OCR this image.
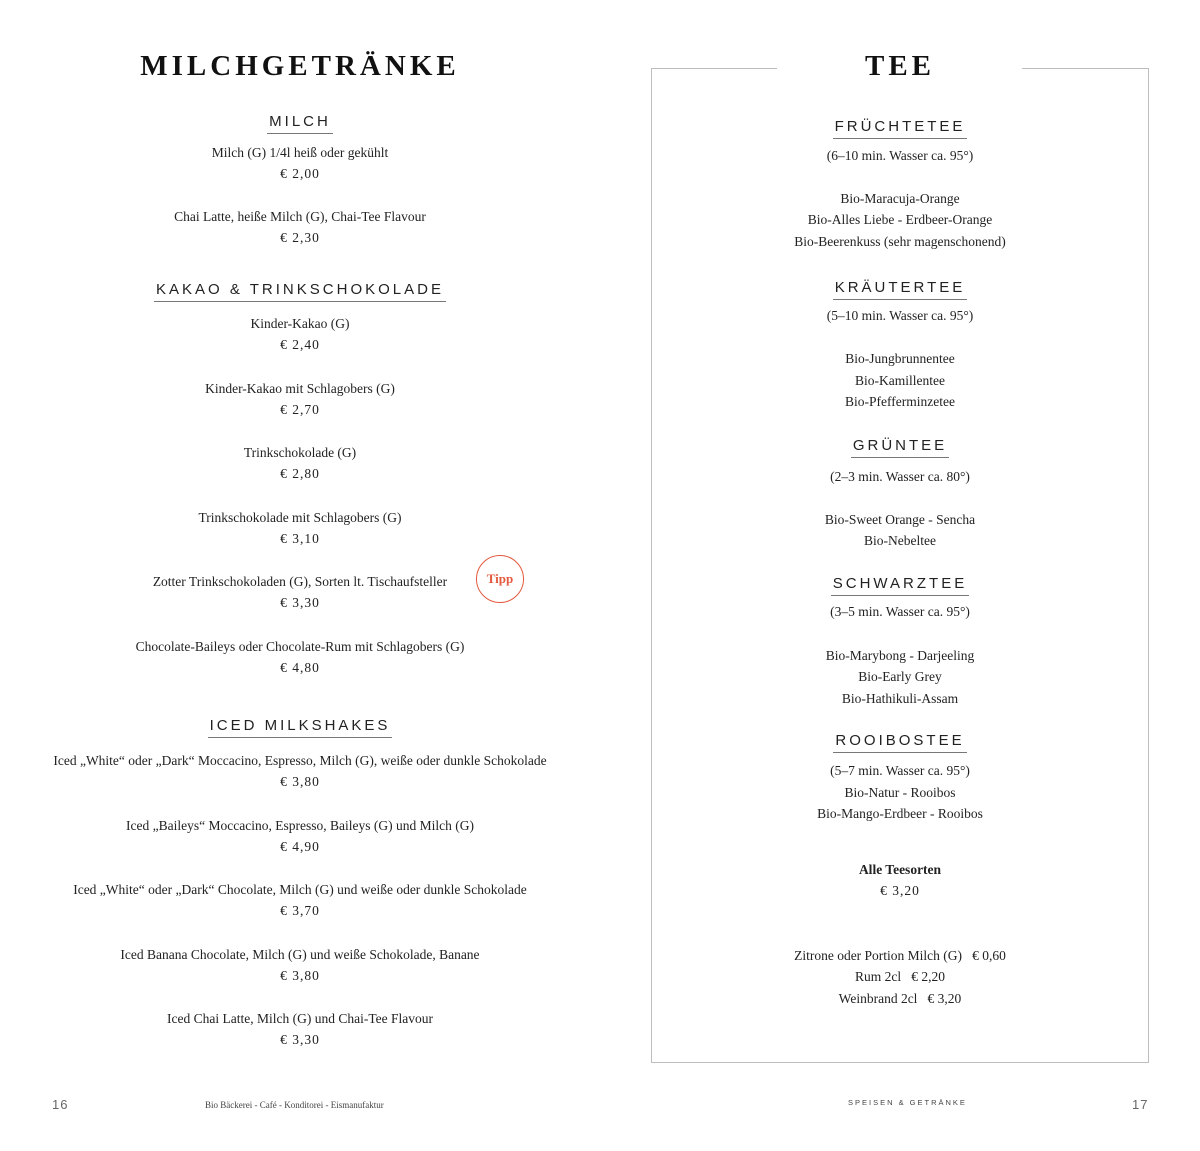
MILCHGETRÄNKE
MILCH
Milch (G) 1/4l heiß oder gekühlt
€ 2,00
Chai Latte, heiße Milch (G), Chai-Tee Flavour
€ 2,30
KAKAO & TRINKSCHOKOLADE
Kinder-Kakao (G)
€ 2,40
Kinder-Kakao mit Schlagobers (G)
€ 2,70
Trinkschokolade (G)
€ 2,80
Trinkschokolade mit Schlagobers (G)
€ 3,10
Zotter Trinkschokoladen (G), Sorten lt. Tischaufsteller
€ 3,30
Tipp
Chocolate-Baileys oder Chocolate-Rum mit Schlagobers (G)
€ 4,80
ICED MILKSHAKES
Iced „White“ oder „Dark“ Moccacino, Espresso, Milch (G), weiße oder dunkle Schokolade
€ 3,80
Iced „Baileys“ Moccacino, Espresso, Baileys (G) und Milch (G)
€ 4,90
Iced „White“ oder „Dark“ Chocolate, Milch (G) und weiße oder dunkle Schokolade
€ 3,70
Iced Banana Chocolate, Milch (G) und weiße Schokolade, Banane
€ 3,80
Iced Chai Latte, Milch (G) und Chai-Tee Flavour
€ 3,30
16	Bio Bäckerei - Café - Konditorei - Eismanufaktur
TEE
FRÜCHTETEE
(6–10 min. Wasser ca. 95°)
Bio-Maracuja-Orange
Bio-Alles Liebe - Erdbeer-Orange
Bio-Beerenkuss (sehr magenschonend)
KRÄUTERTEE
(5–10 min. Wasser ca. 95°)
Bio-Jungbrunnentee
Bio-Kamillentee
Bio-Pfefferminzetee
GRÜNTEE
(2–3 min. Wasser ca. 80°)
Bio-Sweet Orange - Sencha
Bio-Nebeltee
SCHWARZTEE
(3–5 min. Wasser ca. 95°)
Bio-Marybong - Darjeeling
Bio-Early Grey
Bio-Hathikuli-Assam
ROOIBOSTEE
(5–7 min. Wasser ca. 95°)
Bio-Natur - Rooibos
Bio-Mango-Erdbeer - Rooibos
Alle Teesorten
€ 3,20
Zitrone oder Portion Milch (G)   € 0,60
Rum 2cl   € 2,20
Weinbrand 2cl   € 3,20
SPEISEN & GETRÄNKE	17
